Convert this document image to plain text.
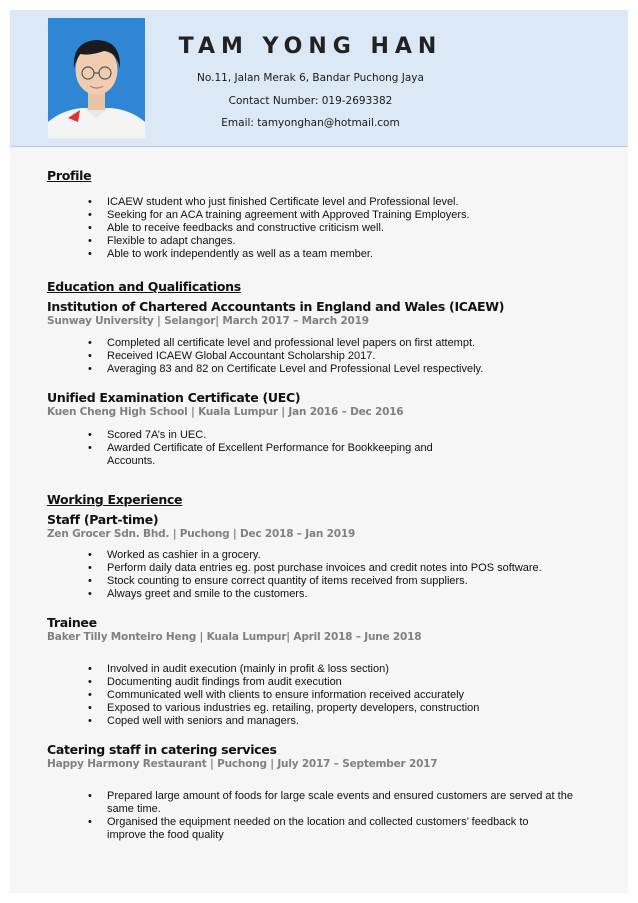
TAM YONG HAN
No.11, Jalan Merak 6, Bandar Puchong Jaya
Contact Number: 019-2693382
Email: tamyonghan@hotmail.com
Profile
• ICAEW student who just finished Certificate level and Professional level.
• Seeking for an ACA training agreement with Approved Training Employers.
• Able to receive feedbacks and constructive criticism well.
• Flexible to adapt changes.
• Able to work independently as well as a team member.
Education and Qualifications
Institution of Chartered Accountants in England and Wales (ICAEW)
Sunway University | Selangor| March 2017 – March 2019
• Completed all certificate level and professional level papers on first attempt.
• Received ICAEW Global Accountant Scholarship 2017.
• Averaging 83 and 82 on Certificate Level and Professional Level respectively.
Unified Examination Certificate (UEC)
Kuen Cheng High School | Kuala Lumpur | Jan 2016 – Dec 2016
• Scored 7A’s in UEC.
• Awarded Certificate of Excellent Performance for Bookkeeping and Accounts.
Working Experience
Staff (Part-time)
Zen Grocer Sdn. Bhd. | Puchong | Dec 2018 – Jan 2019
• Worked as cashier in a grocery.
• Perform daily data entries eg. post purchase invoices and credit notes into POS software.
• Stock counting to ensure correct quantity of items received from suppliers.
• Always greet and smile to the customers.
Trainee
Baker Tilly Monteiro Heng | Kuala Lumpur| April 2018 – June 2018
• Involved in audit execution (mainly in profit & loss section)
• Documenting audit findings from audit execution
• Communicated well with clients to ensure information received accurately
• Exposed to various industries eg. retailing, property developers, construction
• Coped well with seniors and managers.
Catering staff in catering services
Happy Harmony Restaurant | Puchong | July 2017 – September 2017
• Prepared large amount of foods for large scale events and ensured customers are served at the same time.
• Organised the equipment needed on the location and collected customers’ feedback to improve the food quality
